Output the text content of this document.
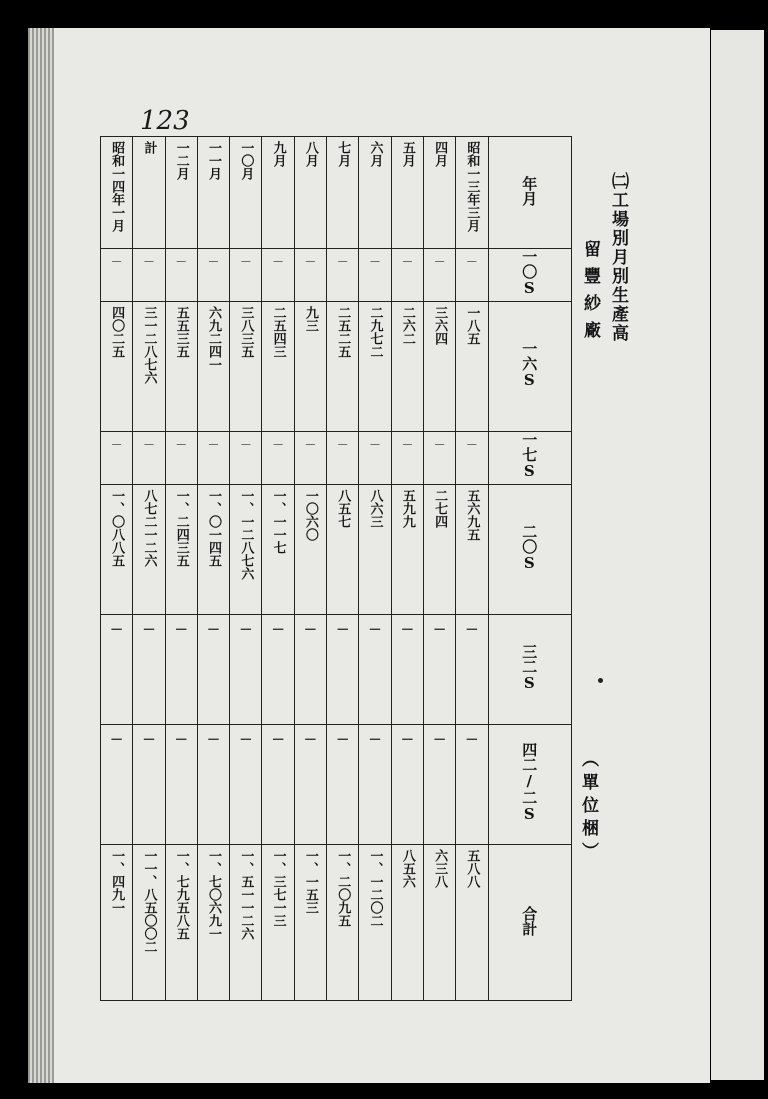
123
㈡工場別月別生產高
留豐紗廠
（單位梱）
昭和一四年一月	計	一二月	一一月	一〇月	九月	八月	七月	六月	五月	四月	昭和一三年三月	年月
－	－	－	－	－	－	－	－	－	－	－	－	一〇S
四〇二五	三一二八七六	五五三五	六九二四一	三八三五	二五四三	九三	二五二五	二九七二	二六二	三六四	一八五	一六S
－	－	－	－	－	－	－	－	－	－	－	－	一七S
一、〇八八五	八七二一二六	一、二四三五	一、〇一四五	一、一二八七六	一、一一七	一〇六〇	八五七	八六三	五九九	二七四	五六九五	二〇S
－	－	－	－	－	－	－	－	－	－	－	－	三二S
－	－	－	－	－	－	－	－	－	－	－	－	四二/二S
一、四九一	一一、八五〇〇二	一、七九五八五	一、七〇六九一	一、五一一二六	一、三七一三	一、一五三	一、二〇九五	一、一二〇二	八五六	六三八	五八八	合計
